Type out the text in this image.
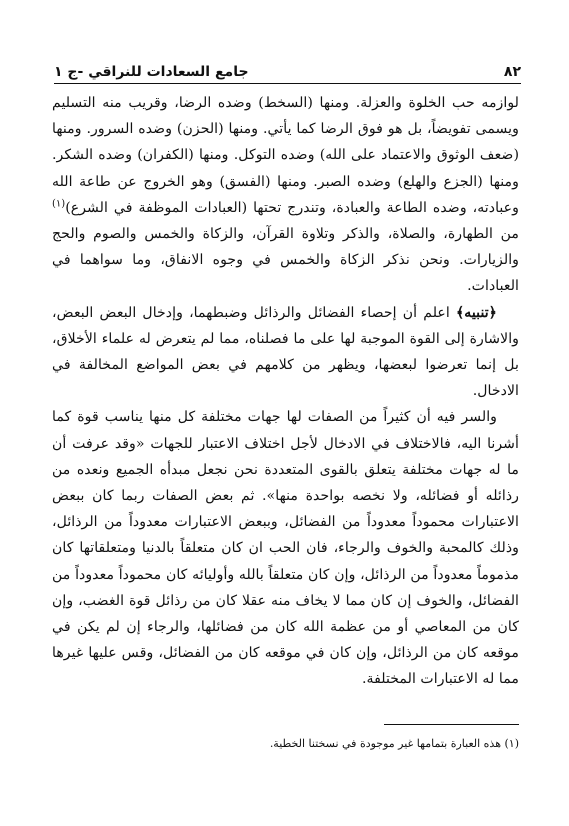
جامع السعادات للنراقي -ج ١	٨٢

لوازمه حب الخلوة والعزلة. ومنها (السخط) وضده الرضا، وقريب منه التسليم ويسمى تفويضاً، بل هو فوق الرضا كما يأتي. ومنها (الحزن) وضده السرور. ومنها (ضعف الوثوق والاعتماد على الله) وضده التوكل. ومنها (الكفران) وضده الشكر. ومنها (الجزع والهلع) وضده الصبر. ومنها (الفسق) وهو الخروج عن طاعة الله وعبادته، وضده الطاعة والعبادة، وتندرج تحتها (العبادات الموظفة في الشرع)$^{(١)}$ من الطهارة، والصلاة، والذكر وتلاوة القرآن، والزكاة والخمس والصوم والحج والزيارات. ونحن نذكر الزكاة والخمس في وجوه الانفاق، وما سواهما في العبادات.

﴿تنبيه﴾ اعلم أن إحصاء الفضائل والرذائل وضبطهما، وإدخال البعض البعض، والاشارة إلى القوة الموجبة لها على ما فصلناه، مما لم يتعرض له علماء الأخلاق، بل إنما تعرضوا لبعضها، ويظهر من كلامهم في بعض المواضع المخالفة في الادخال.

والسر فيه أن كثيراً من الصفات لها جهات مختلفة كل منها يناسب قوة كما أشرنا اليه، فالاختلاف في الادخال لأجل اختلاف الاعتبار للجهات «وقد عرفت أن ما له جهات مختلفة يتعلق بالقوى المتعددة نحن نجعل مبدأه الجميع ونعده من رذائله أو فضائله، ولا نخصه بواحدة منها». ثم بعض الصفات ربما كان ببعض الاعتبارات محموداً معدوداً من الفضائل، وببعض الاعتبارات معدوداً من الرذائل، وذلك كالمحبة والخوف والرجاء، فان الحب ان كان متعلقاً بالدنيا ومتعلقاتها كان مذموماً معدوداً من الرذائل، وإن كان متعلقاً بالله وأوليائه كان محموداً معدوداً من الفضائل، والخوف إن كان مما لا يخاف منه عقلا كان من رذائل قوة الغضب، وإن كان من المعاصي أو من عظمة الله كان من فضائلها، والرجاء إن لم يكن في موقعه كان من الرذائل، وإن كان في موقعه كان من الفضائل، وقس عليها غيرها مما له الاعتبارات المختلفة.

(١) هذه العبارة بتمامها غير موجودة في نسختنا الخطية.
